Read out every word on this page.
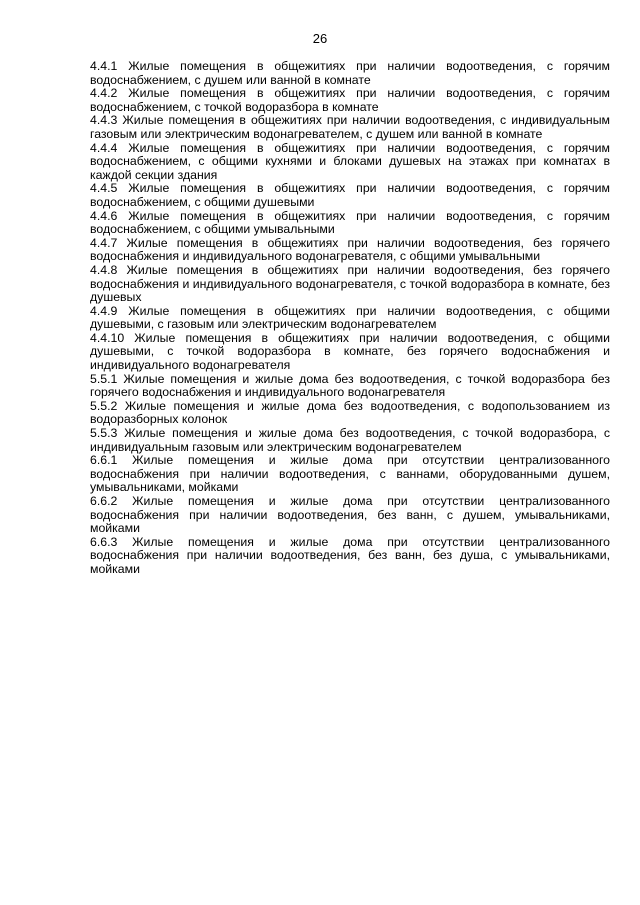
26

4.4.1 Жилые помещения в общежитиях при наличии водоотведения, с горячим водоснабжением, с душем или ванной в комнате

4.4.2 Жилые помещения в общежитиях при наличии водоотведения, с горячим водоснабжением, с точкой водоразбора в комнате

4.4.3 Жилые помещения в общежитиях при наличии водоотведения, с индивидуальным газовым или электрическим водонагревателем, с душем или ванной в комнате

4.4.4 Жилые помещения в общежитиях при наличии водоотведения, с горячим водоснабжением, с общими кухнями и блоками душевых на этажах при комнатах в каждой секции здания

4.4.5 Жилые помещения в общежитиях при наличии водоотведения, с горячим водоснабжением, с общими душевыми

4.4.6 Жилые помещения в общежитиях при наличии водоотведения, с горячим водоснабжением, с общими умывальными

4.4.7 Жилые помещения в общежитиях при наличии водоотведения, без горячего водоснабжения и индивидуального водонагревателя, с общими умывальными

4.4.8 Жилые помещения в общежитиях при наличии водоотведения, без горячего водоснабжения и индивидуального водонагревателя, с точкой водоразбора в комнате, без душевых

4.4.9 Жилые помещения в общежитиях при наличии водоотведения, с общими душевыми, с газовым или электрическим водонагревателем

4.4.10 Жилые помещения в общежитиях при наличии водоотведения, с общими душевыми, с точкой водоразбора в комнате, без горячего водоснабжения и индивидуального водонагревателя

5.5.1 Жилые помещения и жилые дома без водоотведения, с точкой водоразбора без горячего водоснабжения и индивидуального водонагревателя

5.5.2 Жилые помещения и жилые дома без водоотведения, с водопользованием из водоразборных колонок

5.5.3 Жилые помещения и жилые дома без водоотведения, с точкой водоразбора, с индивидуальным газовым или электрическим водонагревателем

6.6.1 Жилые помещения и жилые дома при отсутствии централизованного водоснабжения при наличии водоотведения, с ваннами, оборудованными душем, умывальниками, мойками

6.6.2 Жилые помещения и жилые дома при отсутствии централизованного водоснабжения при наличии водоотведения, без ванн, с душем, умывальниками, мойками

6.6.3 Жилые помещения и жилые дома при отсутствии централизованного водоснабжения при наличии водоотведения, без ванн, без душа, с умывальниками, мойками
